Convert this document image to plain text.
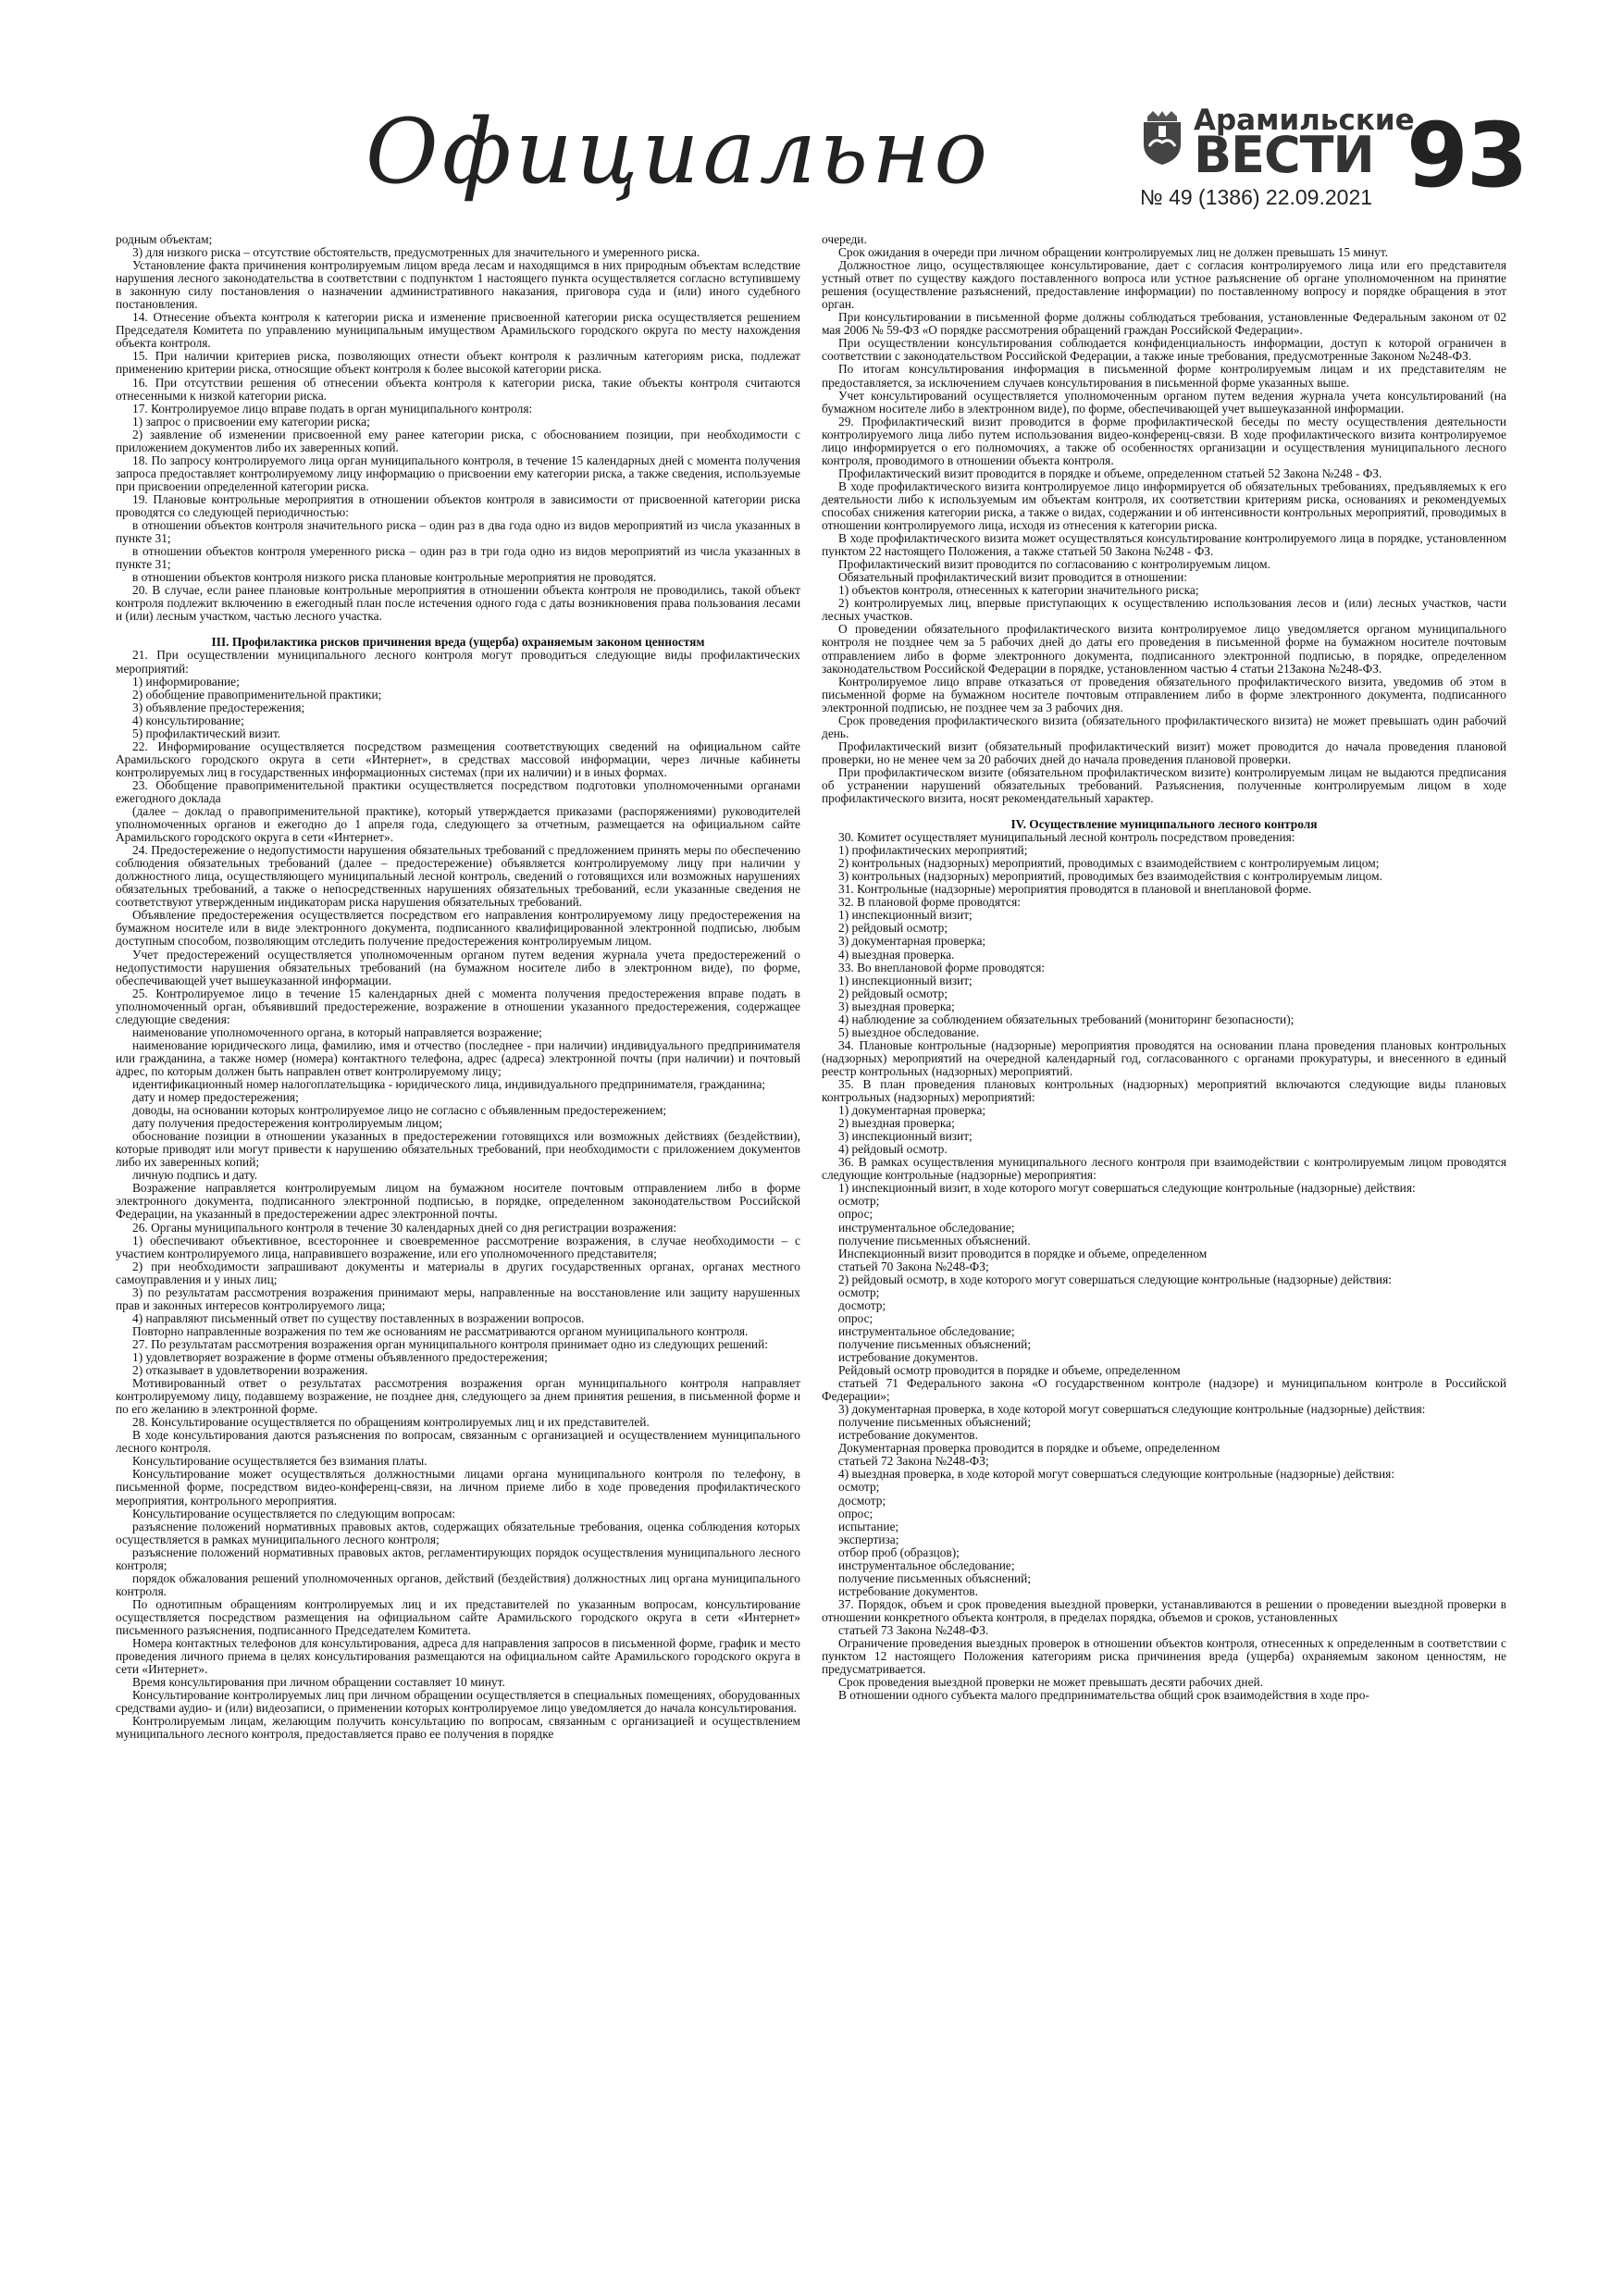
Официально	Арамильские
ВЕСТИ
№ 49 (1386) 22.09.2021 93

родным объектам;

3) для низкого риска – отсутствие обстоятельств, предусмотренных для значительного и умеренного риска.

Установление факта причинения контролируемым лицом вреда лесам и находящимся в них природным объектам вследствие нарушения лесного законодательства в соответствии с подпунктом 1 настоящего пункта осуществляется согласно вступившему в законную силу постановления о назначении административного наказания, приговора суда и (или) иного судебного постановления.

14. Отнесение объекта контроля к категории риска и изменение присвоенной категории риска осуществляется решением Председателя Комитета по управлению муниципальным имуществом Арамильского городского округа по месту нахождения объекта контроля.

15. При наличии критериев риска, позволяющих отнести объект контроля к различным категориям риска, подлежат применению критерии риска, относящие объект контроля к более высокой категории риска.

16. При отсутствии решения об отнесении объекта контроля к категории риска, такие объекты контроля считаются отнесенными к низкой категории риска.

17. Контролируемое лицо вправе подать в орган муниципального контроля:

1) запрос о присвоении ему категории риска;

2) заявление об изменении присвоенной ему ранее категории риска, с обоснованием позиции, при необходимости с приложением документов либо их заверенных копий.

18. По запросу контролируемого лица орган муниципального контроля, в течение 15 календарных дней с момента получения запроса предоставляет контролируемому лицу информацию о присвоении ему категории риска, а также сведения, используемые при присвоении определенной категории риска.

19. Плановые контрольные мероприятия в отношении объектов контроля в зависимости от присвоенной категории риска проводятся со следующей периодичностью:

в отношении объектов контроля значительного риска – один раз в два года одно из видов мероприятий из числа указанных в пункте 31;

в отношении объектов контроля умеренного риска – один раз в три года одно из видов мероприятий из числа указанных в пункте 31;

в отношении объектов контроля низкого риска плановые контрольные мероприятия не проводятся.

20. В случае, если ранее плановые контрольные мероприятия в отношении объекта контроля не проводились, такой объект контроля подлежит включению в ежегодный план после истечения одного года с даты возникновения права пользования лесами и (или) лесным участком, частью лесного участка.

III. Профилактика рисков причинения вреда (ущерба) охраняемым законом ценностям

21. При осуществлении муниципального лесного контроля могут проводиться следующие виды профилактических мероприятий:

1) информирование;

2) обобщение правоприменительной практики;

3) объявление предостережения;

4) консультирование;

5) профилактический визит.

22. Информирование осуществляется посредством размещения соответствующих сведений на официальном сайте Арамильского городского округа в сети «Интернет», в средствах массовой информации, через личные кабинеты контролируемых лиц в государственных информационных системах (при их наличии) и в иных формах.

23. Обобщение правоприменительной практики осуществляется посредством подготовки уполномоченными органами ежегодного доклада

(далее – доклад о правоприменительной практике), который утверждается приказами (распоряжениями) руководителей уполномоченных органов и ежегодно до 1 апреля года, следующего за отчетным, размещается на официальном сайте Арамильского городского округа в сети «Интернет».

24. Предостережение о недопустимости нарушения обязательных требований с предложением принять меры по обеспечению соблюдения обязательных требований (далее – предостережение) объявляется контролируемому лицу при наличии у должностного лица, осуществляющего муниципальный лесной контроль, сведений о готовящихся или возможных нарушениях обязательных требований, а также о непосредственных нарушениях обязательных требований, если указанные сведения не соответствуют утвержденным индикаторам риска нарушения обязательных требований.

Объявление предостережения осуществляется посредством его направления контролируемому лицу предостережения на бумажном носителе или в виде электронного документа, подписанного квалифицированной электронной подписью, любым доступным способом, позволяющим отследить получение предостережения контролируемым лицом.

Учет предостережений осуществляется уполномоченным органом путем ведения журнала учета предостережений о недопустимости нарушения обязательных требований (на бумажном носителе либо в электронном виде), по форме, обеспечивающей учет вышеуказанной информации.

25. Контролируемое лицо в течение 15 календарных дней с момента получения предостережения вправе подать в уполномоченный орган, объявивший предостережение, возражение в отношении указанного предостережения, содержащее следующие сведения:

наименование уполномоченного органа, в который направляется возражение;

наименование юридического лица, фамилию, имя и отчество (последнее - при наличии) индивидуального предпринимателя или гражданина, а также номер (номера) контактного телефона, адрес (адреса) электронной почты (при наличии) и почтовый адрес, по которым должен быть направлен ответ контролируемому лицу;

идентификационный номер налогоплательщика - юридического лица, индивидуального предпринимателя, гражданина;

дату и номер предостережения;

доводы, на основании которых контролируемое лицо не согласно с объявленным предостережением;

дату получения предостережения контролируемым лицом;

обоснование позиции в отношении указанных в предостережении готовящихся или возможных действиях (бездействии), которые приводят или могут привести к нарушению обязательных требований, при необходимости с приложением документов либо их заверенных копий;

личную подпись и дату.

Возражение направляется контролируемым лицом на бумажном носителе почтовым отправлением либо в форме электронного документа, подписанного электронной подписью, в порядке, определенном законодательством Российской Федерации, на указанный в предостережении адрес электронной почты.

26. Органы муниципального контроля в течение 30 календарных дней со дня регистрации возражения:

1) обеспечивают объективное, всестороннее и своевременное рассмотрение возражения, в случае необходимости – с участием контролируемого лица, направившего возражение, или его уполномоченного представителя;

2) при необходимости запрашивают документы и материалы в других государственных органах, органах местного самоуправления и у иных лиц;

3) по результатам рассмотрения возражения принимают меры, направленные на восстановление или защиту нарушенных прав и законных интересов контролируемого лица;

4) направляют письменный ответ по существу поставленных в возражении вопросов.

Повторно направленные возражения по тем же основаниям не рассматриваются органом муниципального контроля.

27. По результатам рассмотрения возражения орган муниципального контроля принимает одно из следующих решений:

1) удовлетворяет возражение в форме отмены объявленного предостережения;

2) отказывает в удовлетворении возражения.

Мотивированный ответ о результатах рассмотрения возражения орган муниципального контроля направляет контролируемому лицу, подавшему возражение, не позднее дня, следующего за днем принятия решения, в письменной форме и по его желанию в электронной форме.

28. Консультирование осуществляется по обращениям контролируемых лиц и их представителей.

В ходе консультирования даются разъяснения по вопросам, связанным с организацией и осуществлением муниципального лесного контроля.

Консультирование осуществляется без взимания платы.

Консультирование может осуществляться должностными лицами органа муниципального контроля по телефону, в письменной форме, посредством видео-конференц-связи, на личном приеме либо в ходе проведения профилактического мероприятия, контрольного мероприятия.

Консультирование осуществляется по следующим вопросам:

разъяснение положений нормативных правовых актов, содержащих обязательные требования, оценка соблюдения которых осуществляется в рамках муниципального лесного контроля;

разъяснение положений нормативных правовых актов, регламентирующих порядок осуществления муниципального лесного контроля;

порядок обжалования решений уполномоченных органов, действий (бездействия) должностных лиц органа муниципального контроля.

По однотипным обращениям контролируемых лиц и их представителей по указанным вопросам, консультирование осуществляется посредством размещения на официальном сайте Арамильского городского округа в сети «Интернет» письменного разъяснения, подписанного Председателем Комитета.

Номера контактных телефонов для консультирования, адреса для направления запросов в письменной форме, график и место проведения личного приема в целях консультирования размещаются на официальном сайте Арамильского городского округа в сети «Интернет».

Время консультирования при личном обращении составляет 10 минут.

Консультирование контролируемых лиц при личном обращении осуществляется в специальных помещениях, оборудованных средствами аудио- и (или) видеозаписи, о применении которых контролируемое лицо уведомляется до начала консультирования.

Контролируемым лицам, желающим получить консультацию по вопросам, связанным с организацией и осуществлением муниципального лесного контроля, предоставляется право ее получения в порядке

очереди.

Срок ожидания в очереди при личном обращении контролируемых лиц не должен превышать 15 минут.

Должностное лицо, осуществляющее консультирование, дает с согласия контролируемого лица или его представителя устный ответ по существу каждого поставленного вопроса или устное разъяснение об органе уполномоченном на принятие решения (осуществление разъяснений, предоставление информации) по поставленному вопросу и порядке обращения в этот орган.

При консультировании в письменной форме должны соблюдаться требования, установленные Федеральным законом от 02 мая 2006 № 59-ФЗ «О порядке рассмотрения обращений граждан Российской Федерации».

При осуществлении консультирования соблюдается конфиденциальность информации, доступ к которой ограничен в соответствии с законодательством Российской Федерации, а также иные требования, предусмотренные Законом №248-ФЗ.

По итогам консультирования информация в письменной форме контролируемым лицам и их представителям не предоставляется, за исключением случаев консультирования в письменной форме указанных выше.

Учет консультирований осуществляется уполномоченным органом путем ведения журнала учета консультирований (на бумажном носителе либо в электронном виде), по форме, обеспечивающей учет вышеуказанной информации.

29. Профилактический визит проводится в форме профилактической беседы по месту осуществления деятельности контролируемого лица либо путем использования видео-конференц-связи. В ходе профилактического визита контролируемое лицо информируется о его полномочиях, а также об особенностях организации и осуществления муниципального лесного контроля, проводимого в отношении объекта контроля.

Профилактический визит проводится в порядке и объеме, определенном статьей 52 Закона №248 - ФЗ.

В ходе профилактического визита контролируемое лицо информируется об обязательных требованиях, предъявляемых к его деятельности либо к используемым им объектам контроля, их соответствии критериям риска, основаниях и рекомендуемых способах снижения категории риска, а также о видах, содержании и об интенсивности контрольных мероприятий, проводимых в отношении контролируемого лица, исходя из отнесения к категории риска.

В ходе профилактического визита может осуществляться консультирование контролируемого лица в порядке, установленном пунктом 22 настоящего Положения, а также статьей 50 Закона №248 - ФЗ.

Профилактический визит проводится по согласованию с контролируемым лицом.

Обязательный профилактический визит проводится в отношении:

1) объектов контроля, отнесенных к категории значительного риска;

2) контролируемых лиц, впервые приступающих к осуществлению использования лесов и (или) лесных участков, части лесных участков.

О проведении обязательного профилактического визита контролируемое лицо уведомляется органом муниципального контроля не позднее чем за 5 рабочих дней до даты его проведения в письменной форме на бумажном носителе почтовым отправлением либо в форме электронного документа, подписанного электронной подписью, в порядке, определенном законодательством Российской Федерации в порядке, установленном частью 4 статьи 21Закона №248-ФЗ.

Контролируемое лицо вправе отказаться от проведения обязательного профилактического визита, уведомив об этом в письменной форме на бумажном носителе почтовым отправлением либо в форме электронного документа, подписанного электронной подписью, не позднее чем за 3 рабочих дня.

Срок проведения профилактического визита (обязательного профилактического визита) не может превышать один рабочий день.

Профилактический визит (обязательный профилактический визит) может проводится до начала проведения плановой проверки, но не менее чем за 20 рабочих дней до начала проведения плановой проверки.

При профилактическом визите (обязательном профилактическом визите) контролируемым лицам не выдаются предписания об устранении нарушений обязательных требований. Разъяснения, полученные контролируемым лицом в ходе профилактического визита, носят рекомендательный характер.

IV. Осуществление муниципального лесного контроля

30. Комитет осуществляет муниципальный лесной контроль посредством проведения:

1) профилактических мероприятий;

2) контрольных (надзорных) мероприятий, проводимых с взаимодействием с контролируемым лицом;

3) контрольных (надзорных) мероприятий, проводимых без взаимодействия с контролируемым лицом.

31. Контрольные (надзорные) мероприятия проводятся в плановой и внеплановой форме.

32. В плановой форме проводятся:

1) инспекционный визит;

2) рейдовый осмотр;

3) документарная проверка;

4) выездная проверка.

33. Во внеплановой форме проводятся:

1) инспекционный визит;

2) рейдовый осмотр;

3) выездная проверка;

4) наблюдение за соблюдением обязательных требований (мониторинг безопасности);

5) выездное обследование.

34. Плановые контрольные (надзорные) мероприятия проводятся на основании плана проведения плановых контрольных (надзорных) мероприятий на очередной календарный год, согласованного с органами прокуратуры, и внесенного в единый реестр контрольных (надзорных) мероприятий.

35. В план проведения плановых контрольных (надзорных) мероприятий включаются следующие виды плановых контрольных (надзорных) мероприятий:

1) документарная проверка;

2) выездная проверка;

3) инспекционный визит;

4) рейдовый осмотр.

36. В рамках осуществления муниципального лесного контроля при взаимодействии с контролируемым лицом проводятся следующие контрольные (надзорные) мероприятия:

1) инспекционный визит, в ходе которого могут совершаться следующие контрольные (надзорные) действия:

осмотр;

опрос;

инструментальное обследование;

получение письменных объяснений.

Инспекционный визит проводится в порядке и объеме, определенном

статьей 70 Закона №248-ФЗ;

2) рейдовый осмотр, в ходе которого могут совершаться следующие контрольные (надзорные) действия:

осмотр;

досмотр;

опрос;

инструментальное обследование;

получение письменных объяснений;

истребование документов.

Рейдовый осмотр проводится в порядке и объеме, определенном

статьей 71 Федерального закона «О государственном контроле (надзоре) и муниципальном контроле в Российской Федерации»;

3) документарная проверка, в ходе которой могут совершаться следующие контрольные (надзорные) действия:

получение письменных объяснений;

истребование документов.

Документарная проверка проводится в порядке и объеме, определенном

статьей 72 Закона №248-ФЗ;

4) выездная проверка, в ходе которой могут совершаться следующие контрольные (надзорные) действия:

осмотр;

досмотр;

опрос;

испытание;

экспертиза;

отбор проб (образцов);

инструментальное обследование;

получение письменных объяснений;

истребование документов.

37. Порядок, объем и срок проведения выездной проверки, устанавливаются в решении о проведении выездной проверки в отношении конкретного объекта контроля, в пределах порядка, объемов и сроков, установленных

статьей 73 Закона №248-ФЗ.

Ограничение проведения выездных проверок в отношении объектов контроля, отнесенных к определенным в соответствии с пунктом 12 настоящего Положения категориям риска причинения вреда (ущерба) охраняемым законом ценностям, не предусматривается.

Срок проведения выездной проверки не может превышать десяти рабочих дней.

В отношении одного субъекта малого предпринимательства общий срок взаимодействия в ходе про-
